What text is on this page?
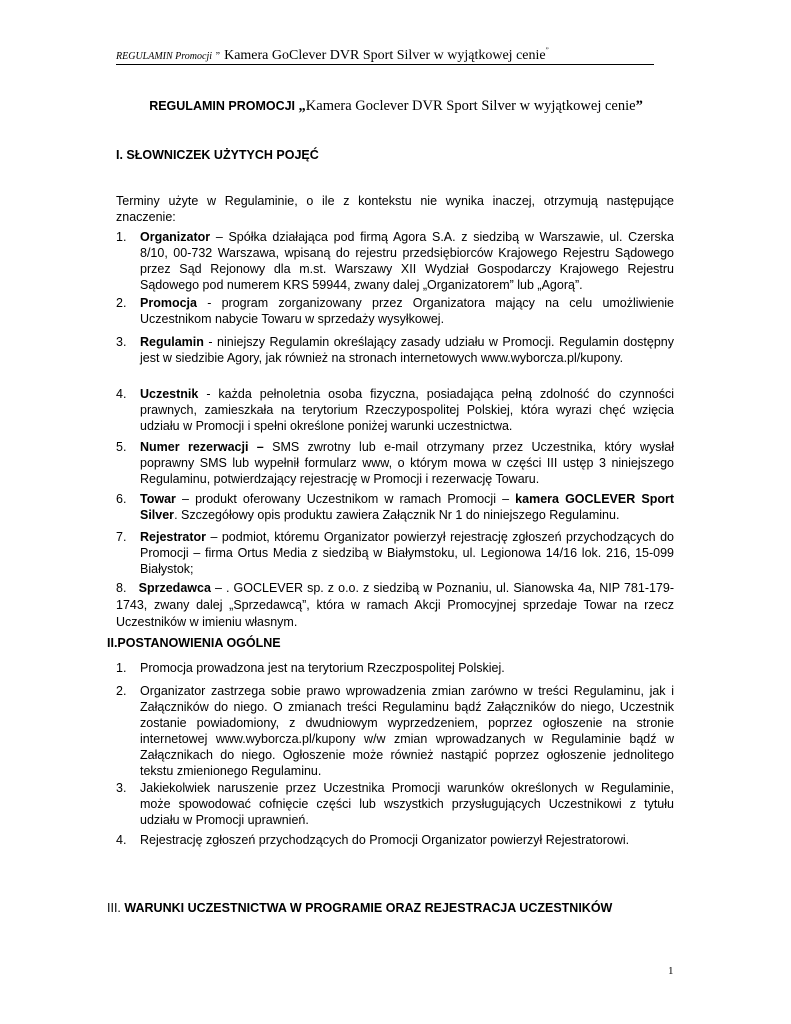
REGULAMIN Promocji ” Kamera GoClever DVR Sport Silver w wyjątkowej cenie”
REGULAMIN PROMOCJI „Kamera Goclever DVR Sport Silver w wyjątkowej cenie”
I. SŁOWNICZEK UŻYTYCH POJĘĆ
Terminy użyte w Regulaminie, o ile z kontekstu nie wynika inaczej, otrzymują następujące znaczenie:
1. Organizator – Spółka działająca pod firmą Agora S.A. z siedzibą w Warszawie, ul. Czerska 8/10, 00-732 Warszawa, wpisaną do rejestru przedsiębiorców Krajowego Rejestru Sądowego przez Sąd Rejonowy dla m.st. Warszawy XII Wydział Gospodarczy Krajowego Rejestru Sądowego pod numerem KRS 59944, zwany dalej „Organizatorem” lub „Agorą”.
2. Promocja - program zorganizowany przez Organizatora mający na celu umożliwienie Uczestnikom nabycie Towaru w sprzedaży wysyłkowej.
3. Regulamin - niniejszy Regulamin określający zasady udziału w Promocji. Regulamin dostępny jest w siedzibie Agory, jak również na stronach internetowych www.wyborcza.pl/kupony.
4. Uczestnik - każda pełnoletnia osoba fizyczna, posiadająca pełną zdolność do czynności prawnych, zamieszkała na terytorium Rzeczypospolitej Polskiej, która wyrazi chęć wzięcia udziału w Promocji i spełni określone poniżej warunki uczestnictwa.
5. Numer rezerwacji – SMS zwrotny lub e-mail otrzymany przez Uczestnika, który wysłał poprawny SMS lub wypełnił formularz www, o którym mowa w części III ustęp 3 niniejszego Regulaminu, potwierdzający rejestrację w Promocji i rezerwację Towaru.
6. Towar – produkt oferowany Uczestnikom w ramach Promocji – kamera GOCLEVER Sport Silver. Szczegółowy opis produktu zawiera Załącznik Nr 1 do niniejszego Regulaminu.
7. Rejestrator – podmiot, któremu Organizator powierzył rejestrację zgłoszeń przychodzących do Promocji – firma Ortus Media z siedzibą w Białymstoku, ul. Legionowa 14/16 lok. 216, 15-099 Białystok;
8. Sprzedawca – . GOCLEVER sp. z o.o. z siedzibą w Poznaniu, ul. Sianowska 4a, NIP 781-179-1743, zwany dalej „Sprzedawcą”, która w ramach Akcji Promocyjnej sprzedaje Towar na rzecz Uczestników w imieniu własnym.
II.POSTANOWIENIA OGÓLNE
1. Promocja prowadzona jest na terytorium Rzeczpospolitej Polskiej.
2. Organizator zastrzega sobie prawo wprowadzenia zmian zarówno w treści Regulaminu, jak i Załączników do niego. O zmianach treści Regulaminu bądź Załączników do niego, Uczestnik zostanie powiadomiony, z dwudniowym wyprzedzeniem, poprzez ogłoszenie na stronie internetowej www.wyborcza.pl/kupony w/w zmian wprowadzanych w Regulaminie bądź w Załącznikach do niego. Ogłoszenie może również nastąpić poprzez ogłoszenie jednolitego tekstu zmienionego Regulaminu.
3. Jakiekolwiek naruszenie przez Uczestnika Promocji warunków określonych w Regulaminie, może spowodować cofnięcie części lub wszystkich przysługujących Uczestnikowi z tytułu udziału w Promocji uprawnień.
4. Rejestrację zgłoszeń przychodzących do Promocji Organizator powierzył Rejestratorowi.
III. WARUNKI UCZESTNICTWA W PROGRAMIE ORAZ REJESTRACJA UCZESTNIKÓW
1
